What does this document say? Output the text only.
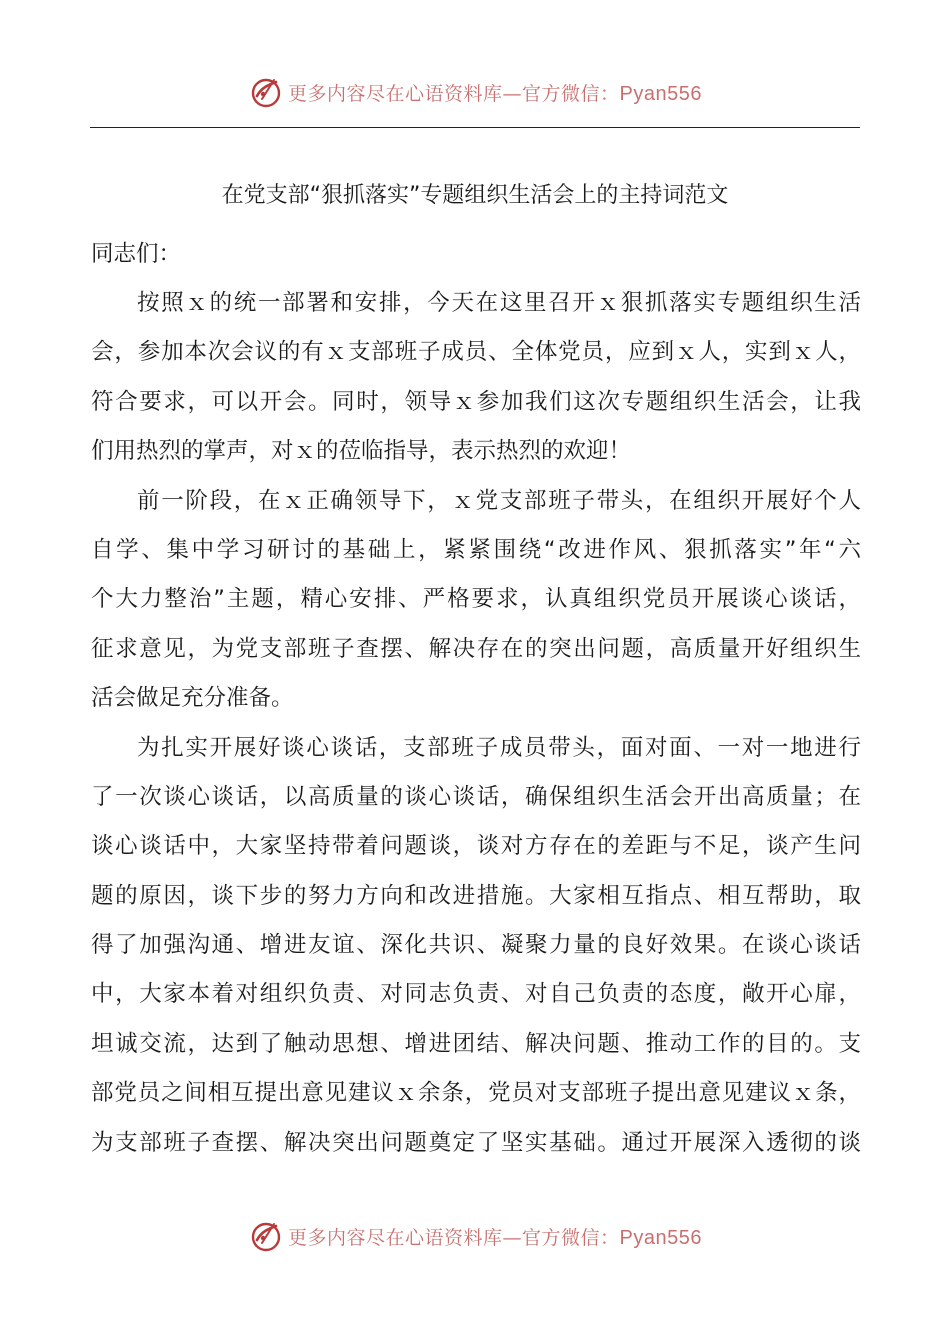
更多内容尽在心语资料库—官方微信：Pyan556
在党支部“狠抓落实”专题组织生活会上的主持词范文
同志们：
按照ｘ的统一部署和安排，今天在这里召开ｘ狠抓落实专题组织生活
会，参加本次会议的有ｘ支部班子成员、全体党员，应到ｘ人，实到ｘ人，
符合要求，可以开会。同时，领导ｘ参加我们这次专题组织生活会，让我
们用热烈的掌声，对ｘ的莅临指导，表示热烈的欢迎！
前一阶段，在ｘ正确领导下，ｘ党支部班子带头，在组织开展好个人
自学、集中学习研讨的基础上，紧紧围绕“改进作风、狠抓落实”年“六
个大力整治”主题，精心安排、严格要求，认真组织党员开展谈心谈话，
征求意见，为党支部班子查摆、解决存在的突出问题，高质量开好组织生
活会做足充分准备。
为扎实开展好谈心谈话，支部班子成员带头，面对面、一对一地进行
了一次谈心谈话，以高质量的谈心谈话，确保组织生活会开出高质量；在
谈心谈话中，大家坚持带着问题谈，谈对方存在的差距与不足，谈产生问
题的原因，谈下步的努力方向和改进措施。大家相互指点、相互帮助，取
得了加强沟通、增进友谊、深化共识、凝聚力量的良好效果。在谈心谈话
中，大家本着对组织负责、对同志负责、对自己负责的态度，敞开心扉，
坦诚交流，达到了触动思想、增进团结、解决问题、推动工作的目的。支
部党员之间相互提出意见建议ｘ余条，党员对支部班子提出意见建议ｘ条，
为支部班子查摆、解决突出问题奠定了坚实基础。通过开展深入透彻的谈
更多内容尽在心语资料库—官方微信：Pyan556
